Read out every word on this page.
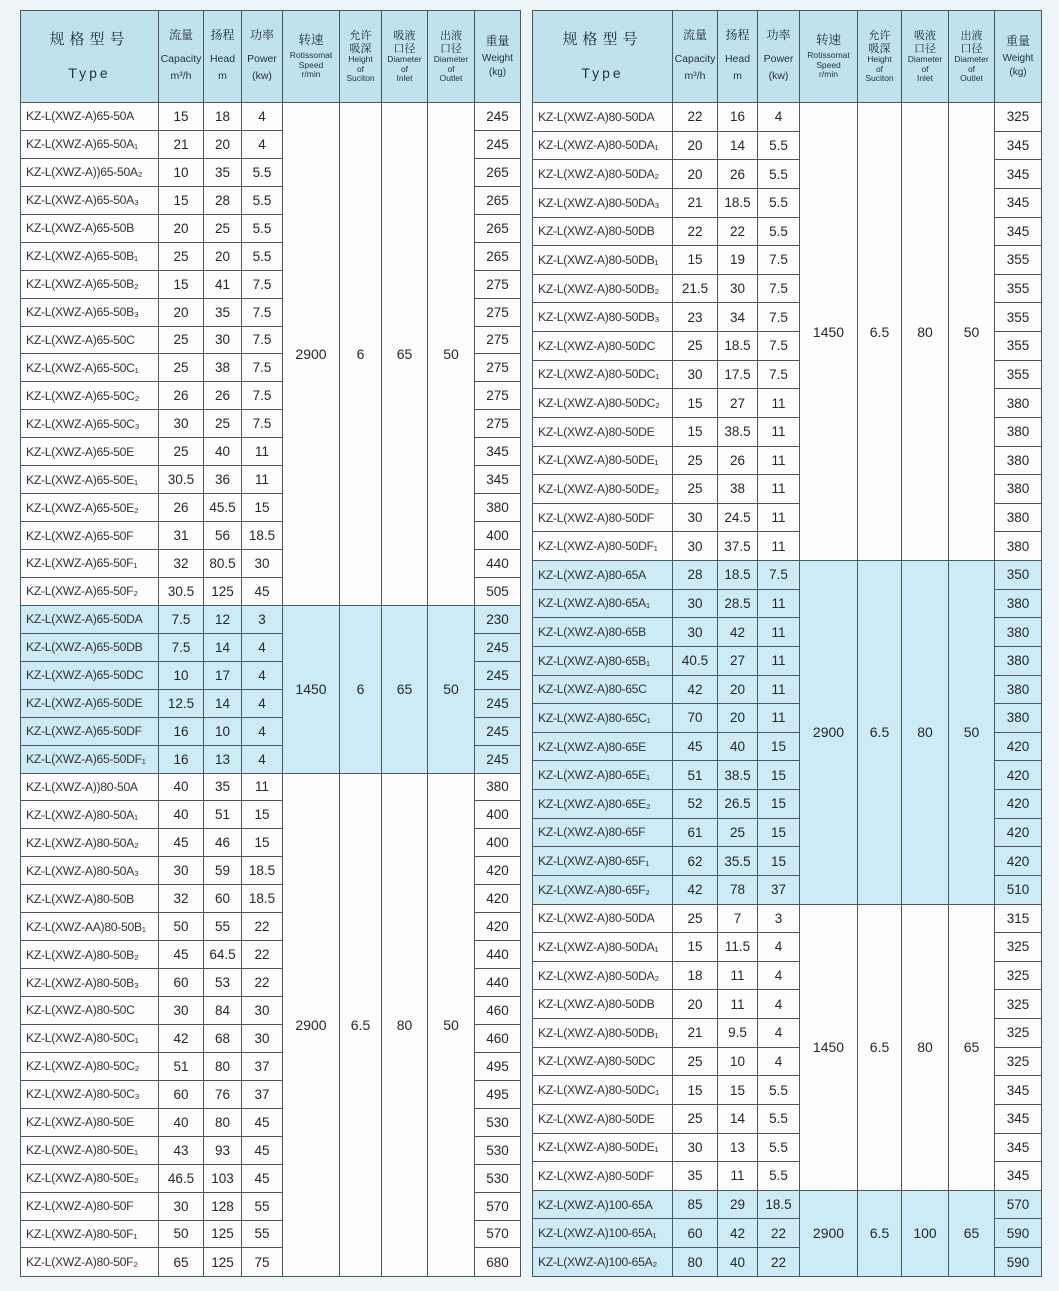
规格型号
Type

流量
Capacity
m³/h

扬程
Head
m

功率
Power
(kw)

转速
Rotissomat
Speed
r/min

允许
吸深
Height
of
Suciton

吸液
口径
Diameter
of
Inlet

出液
口径
Diameter
of
Outlet

重量
Weight
(kg)

KZ-L(XWZ-A)65-50A	15	18	4	2900	6	65	50	245
KZ-L(XWZ-A)65-50A₁	21	20	4					245
KZ-L(XWZ-A))65-50A₂	10	35	5.5					265
KZ-L(XWZ-A)65-50A₃	15	28	5.5					265
KZ-L(XWZ-A)65-50B	20	25	5.5					265
KZ-L(XWZ-A)65-50B₁	25	20	5.5					265
KZ-L(XWZ-A)65-50B₂	15	41	7.5					275
KZ-L(XWZ-A)65-50B₃	20	35	7.5					275
KZ-L(XWZ-A)65-50C	25	30	7.5					275
KZ-L(XWZ-A)65-50C₁	25	38	7.5					275
KZ-L(XWZ-A)65-50C₂	26	26	7.5					275
KZ-L(XWZ-A)65-50C₃	30	25	7.5					275
KZ-L(XWZ-A)65-50E	25	40	11					345
KZ-L(XWZ-A)65-50E₁	30.5	36	11					345
KZ-L(XWZ-A)65-50E₂	26	45.5	15					380
KZ-L(XWZ-A)65-50F	31	56	18.5					400
KZ-L(XWZ-A)65-50F₁	32	80.5	30					440
KZ-L(XWZ-A)65-50F₂	30.5	125	45					505
KZ-L(XWZ-A)65-50DA	7.5	12	3	1450	6	65	50	230
KZ-L(XWZ-A)65-50DB	7.5	14	4					245
KZ-L(XWZ-A)65-50DC	10	17	4					245
KZ-L(XWZ-A)65-50DE	12.5	14	4					245
KZ-L(XWZ-A)65-50DF	16	10	4					245
KZ-L(XWZ-A)65-50DF₁	16	13	4					245
KZ-L(XWZ-A))80-50A	40	35	11	2900	6.5	80	50	380
KZ-L(XWZ-A)80-50A₁	40	51	15					400
KZ-L(XWZ-A)80-50A₂	45	46	15					400
KZ-L(XWZ-A)80-50A₃	30	59	18.5					420
KZ-L(XWZ-A)80-50B	32	60	18.5					420
KZ-L(XWZ-AA)80-50B₁	50	55	22					420
KZ-L(XWZ-A)80-50B₂	45	64.5	22					440
KZ-L(XWZ-A)80-50B₃	60	53	22					440
KZ-L(XWZ-A)80-50C	30	84	30					460
KZ-L(XWZ-A)80-50C₁	42	68	30					460
KZ-L(XWZ-A)80-50C₂	51	80	37					495
KZ-L(XWZ-A)80-50C₃	60	76	37					495
KZ-L(XWZ-A)80-50E	40	80	45					530
KZ-L(XWZ-A)80-50E₁	43	93	45					530
KZ-L(XWZ-A)80-50E₂	46.5	103	45					530
KZ-L(XWZ-A)80-50F	30	128	55					570
KZ-L(XWZ-A)80-50F₁	50	125	55					570
KZ-L(XWZ-A)80-50F₂	65	125	75					680
规格型号
Type

流量
Capacity
m³/h

扬程
Head
m

功率
Power
(kw)

转速
Rotissomat
Speed
r/min

允许
吸深
Height
of
Suciton

吸液
口径
Diameter
of
Inlet

出液
口径
Diameter
of
Outlet

重量
Weight
(kg)

KZ-L(XWZ-A)80-50DA	22	16	4	1450	6.5	80	50	325
KZ-L(XWZ-A)80-50DA₁	20	14	5.5					345
KZ-L(XWZ-A)80-50DA₂	20	26	5.5					345
KZ-L(XWZ-A)80-50DA₃	21	18.5	5.5					345
KZ-L(XWZ-A)80-50DB	22	22	5.5					345
KZ-L(XWZ-A)80-50DB₁	15	19	7.5					355
KZ-L(XWZ-A)80-50DB₂	21.5	30	7.5					355
KZ-L(XWZ-A)80-50DB₃	23	34	7.5					355
KZ-L(XWZ-A)80-50DC	25	18.5	7.5					355
KZ-L(XWZ-A)80-50DC₁	30	17.5	7.5					355
KZ-L(XWZ-A)80-50DC₂	15	27	11					380
KZ-L(XWZ-A)80-50DE	15	38.5	11					380
KZ-L(XWZ-A)80-50DE₁	25	26	11					380
KZ-L(XWZ-A)80-50DE₂	25	38	11					380
KZ-L(XWZ-A)80-50DF	30	24.5	11					380
KZ-L(XWZ-A)80-50DF₁	30	37.5	11					380
KZ-L(XWZ-A)80-65A	28	18.5	7.5	2900	6.5	80	50	350
KZ-L(XWZ-A)80-65A₁	30	28.5	11					380
KZ-L(XWZ-A)80-65B	30	42	11					380
KZ-L(XWZ-A)80-65B₁	40.5	27	11					380
KZ-L(XWZ-A)80-65C	42	20	11					380
KZ-L(XWZ-A)80-65C₁	70	20	11					380
KZ-L(XWZ-A)80-65E	45	40	15					420
KZ-L(XWZ-A)80-65E₁	51	38.5	15					420
KZ-L(XWZ-A)80-65E₂	52	26.5	15					420
KZ-L(XWZ-A)80-65F	61	25	15					420
KZ-L(XWZ-A)80-65F₁	62	35.5	15					420
KZ-L(XWZ-A)80-65F₂	42	78	37					510
KZ-L(XWZ-A)80-50DA	25	7	3	1450	6.5	80	65	315
KZ-L(XWZ-A)80-50DA₁	15	11.5	4					325
KZ-L(XWZ-A)80-50DA₂	18	11	4					325
KZ-L(XWZ-A)80-50DB	20	11	4					325
KZ-L(XWZ-A)80-50DB₁	21	9.5	4					325
KZ-L(XWZ-A)80-50DC	25	10	4					325
KZ-L(XWZ-A)80-50DC₁	15	15	5.5					345
KZ-L(XWZ-A)80-50DE	25	14	5.5					345
KZ-L(XWZ-A)80-50DE₁	30	13	5.5					345
KZ-L(XWZ-A)80-50DF	35	11	5.5					345
KZ-L(XWZ-A)100-65A	85	29	18.5	2900	6.5	100	65	570
KZ-L(XWZ-A)100-65A₁	60	42	22					590
KZ-L(XWZ-A)100-65A₂	80	40	22					590
